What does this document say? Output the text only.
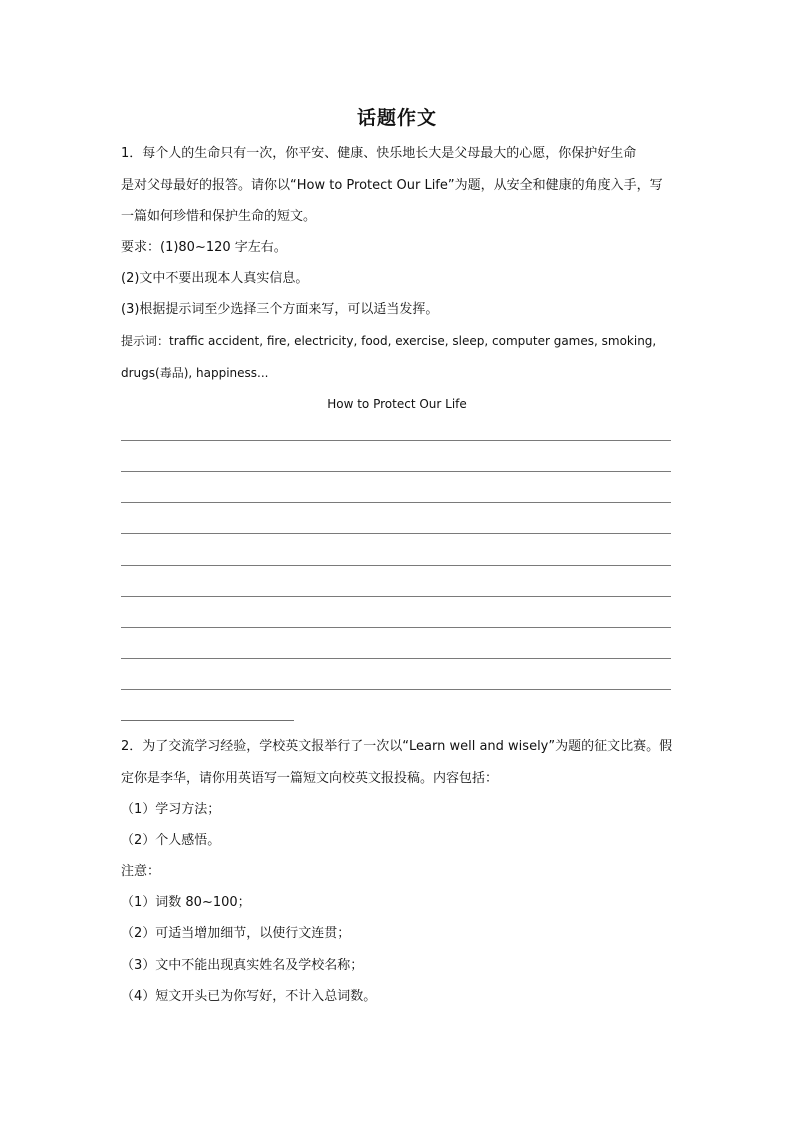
话题作文
1．每个人的生命只有一次，你平安、健康、快乐地长大是父母最大的心愿，你保护好生命
是对父母最好的报答。请你以“How to Protect Our Life”为题，从安全和健康的角度入手，写
一篇如何珍惜和保护生命的短文。
要求：(1)80~120 字左右。
(2)文中不要出现本人真实信息。
(3)根据提示词至少选择三个方面来写，可以适当发挥。
提示词：traffic accident, fire, electricity, food, exercise, sleep, computer games, smoking,
drugs(毒品), happiness...
How to Protect Our Life
2．为了交流学习经验，学校英文报举行了一次以“Learn well and wisely”为题的征文比赛。假
定你是李华，请你用英语写一篇短文向校英文报投稿。内容包括：
（1）学习方法；
（2）个人感悟。
注意：
（1）词数 80~100；
（2）可适当增加细节，以使行文连贯；
（3）文中不能出现真实姓名及学校名称；
（4）短文开头已为你写好，不计入总词数。
